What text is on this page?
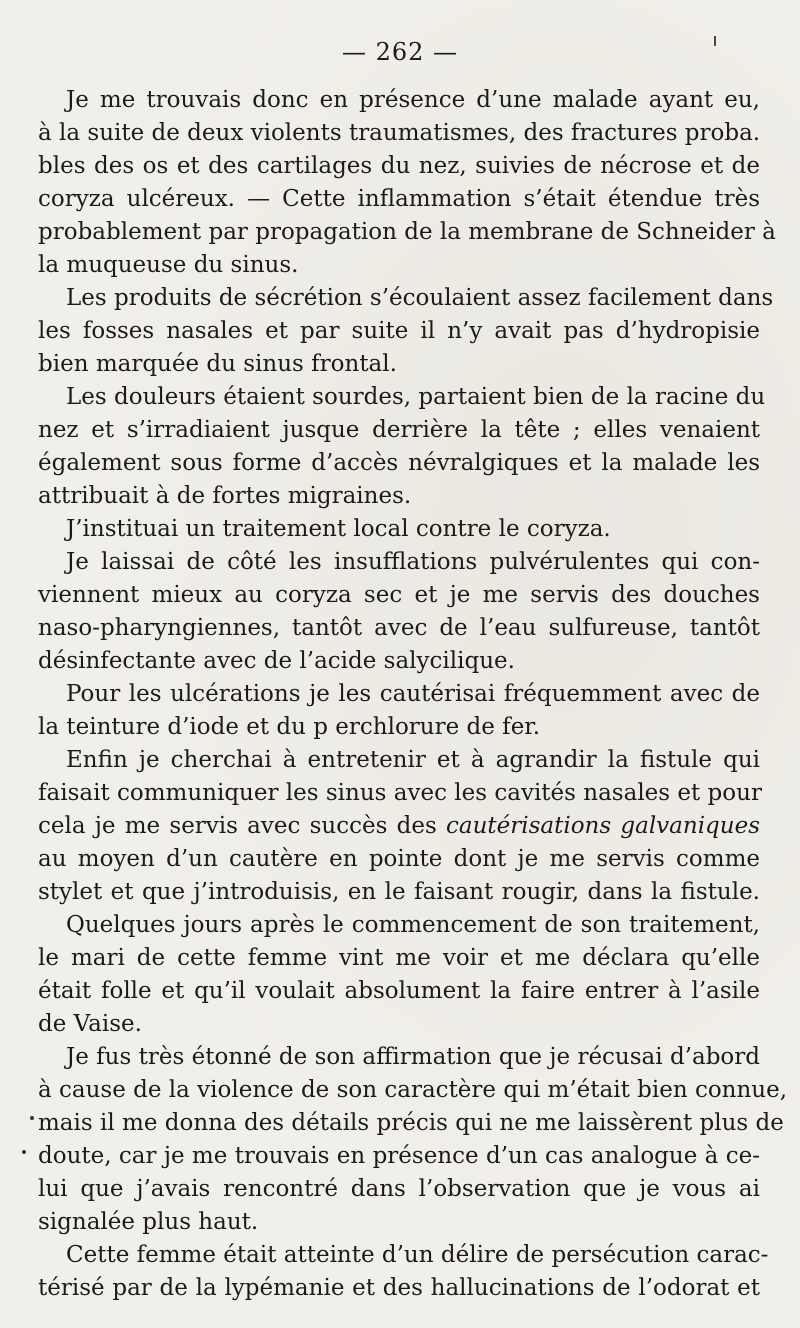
— 262 —
Je me trouvais donc en présence d’une malade ayant eu,
à la suite de deux violents traumatismes, des fractures proba.
bles des os et des cartilages du nez, suivies de nécrose et de
coryza ulcéreux. — Cette inflammation s’était étendue très
probablement par propagation de la membrane de Schneider à
la muqueuse du sinus.
Les produits de sécrétion s’écoulaient assez facilement dans
les fosses nasales et par suite il n’y avait pas d’hydropisie
bien marquée du sinus frontal.
Les douleurs étaient sourdes, partaient bien de la racine du
nez et s’irradiaient jusque derrière la tête ; elles venaient
également sous forme d’accès névralgiques et la malade les
attribuait à de fortes migraines.
J’instituai un traitement local contre le coryza.
Je laissai de côté les insufflations pulvérulentes qui con-
viennent mieux au coryza sec et je me servis des douches
naso-pharyngiennes, tantôt avec de l’eau sulfureuse, tantôt
désinfectante avec de l’acide salycilique.
Pour les ulcérations je les cautérisai fréquemment avec de
la teinture d’iode et du p erchlorure de fer.
Enfin je cherchai à entretenir et à agrandir la fistule qui
faisait communiquer les sinus avec les cavités nasales et pour
cela je me servis avec succès des cautérisations galvaniques
au moyen d’un cautère en pointe dont je me servis comme
stylet et que j’introduisis, en le faisant rougir, dans la fistule.
Quelques jours après le commencement de son traitement,
le mari de cette femme vint me voir et me déclara qu’elle
était folle et qu’il voulait absolument la faire entrer à l’asile
de Vaise.
Je fus très étonné de son affirmation que je récusai d’abord
à cause de la violence de son caractère qui m’était bien connue,
mais il me donna des détails précis qui ne me laissèrent plus de
doute, car je me trouvais en présence d’un cas analogue à ce-
lui que j’avais rencontré dans l’observation que je vous ai
signalée plus haut.
Cette femme était atteinte d’un délire de persécution carac-
térisé par de la lypémanie et des hallucinations de l’odorat et
